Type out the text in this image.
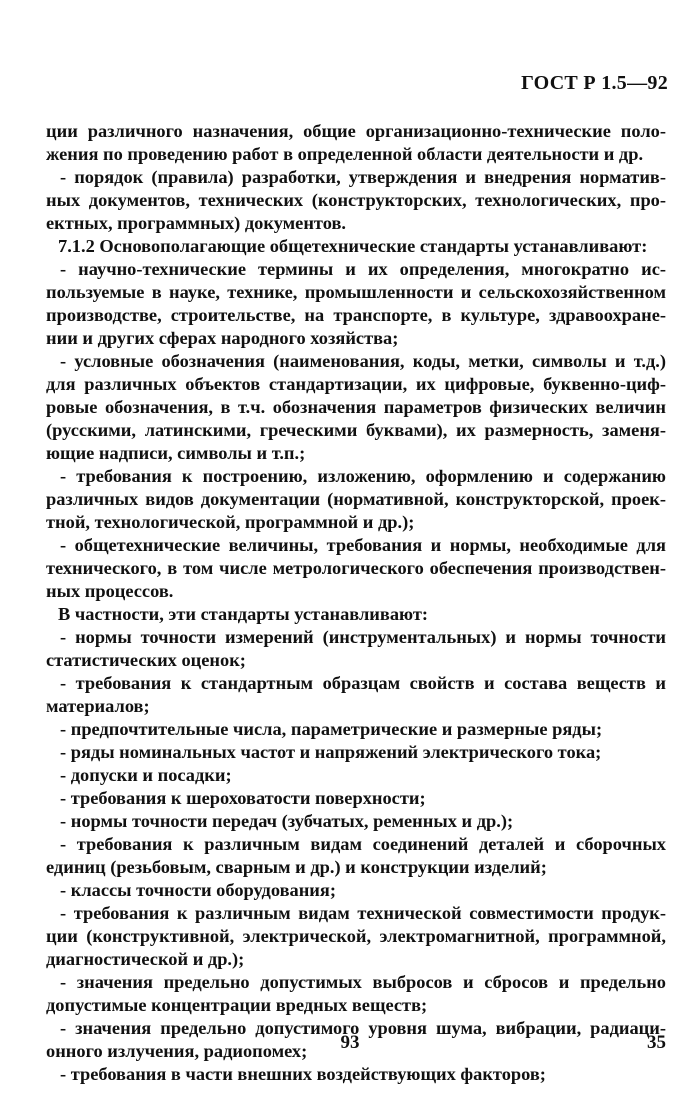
ГОСТ Р 1.5—92

ции различного назначения, общие организационно-технические поло-жения по проведению работ в определенной области деятельности и др.

- порядок (правила) разработки, утверждения и внедрения норматив-ных документов, технических (конструкторских, технологических, про-ектных, программных) документов.

7.1.2 Основополагающие общетехнические стандарты устанавливают:

- научно-технические термины и их определения, многократно ис-пользуемые в науке, технике, промышленности и сельскохозяйственном производстве, строительстве, на транспорте, в культуре, здравоохране-нии и других сферах народного хозяйства;

- условные обозначения (наименования, коды, метки, символы и т.д.) для различных объектов стандартизации, их цифровые, буквенно-циф-ровые обозначения, в т.ч. обозначения параметров физических величин (русскими, латинскими, греческими буквами), их размерность, заменя-ющие надписи, символы и т.п.;

- требования к построению, изложению, оформлению и содержанию различных видов документации (нормативной, конструкторской, проек-тной, технологической, программной и др.);

- общетехнические величины, требования и нормы, необходимые для технического, в том числе метрологического обеспечения производствен-ных процессов.

В частности, эти стандарты устанавливают:

- нормы точности измерений (инструментальных) и нормы точности статистических оценок;

- требования к стандартным образцам свойств и состава веществ и материалов;

- предпочтительные числа, параметрические и размерные ряды;

- ряды номинальных частот и напряжений электрического тока;

- допуски и посадки;

- требования к шероховатости поверхности;

- нормы точности передач (зубчатых, ременных и др.);

- требования к различным видам соединений деталей и сборочных единиц (резьбовым, сварным и др.) и конструкции изделий;

- классы точности оборудования;

- требования к различным видам технической совместимости продук-ции (конструктивной, электрической, электромагнитной, программной, диагностической и др.);

- значения предельно допустимых выбросов и сбросов и предельно допустимые концентрации вредных веществ;

- значения предельно допустимого уровня шума, вибрации, радиаци-онного излучения, радиопомех;

- требования в части внешних воздействующих факторов;

93	35
